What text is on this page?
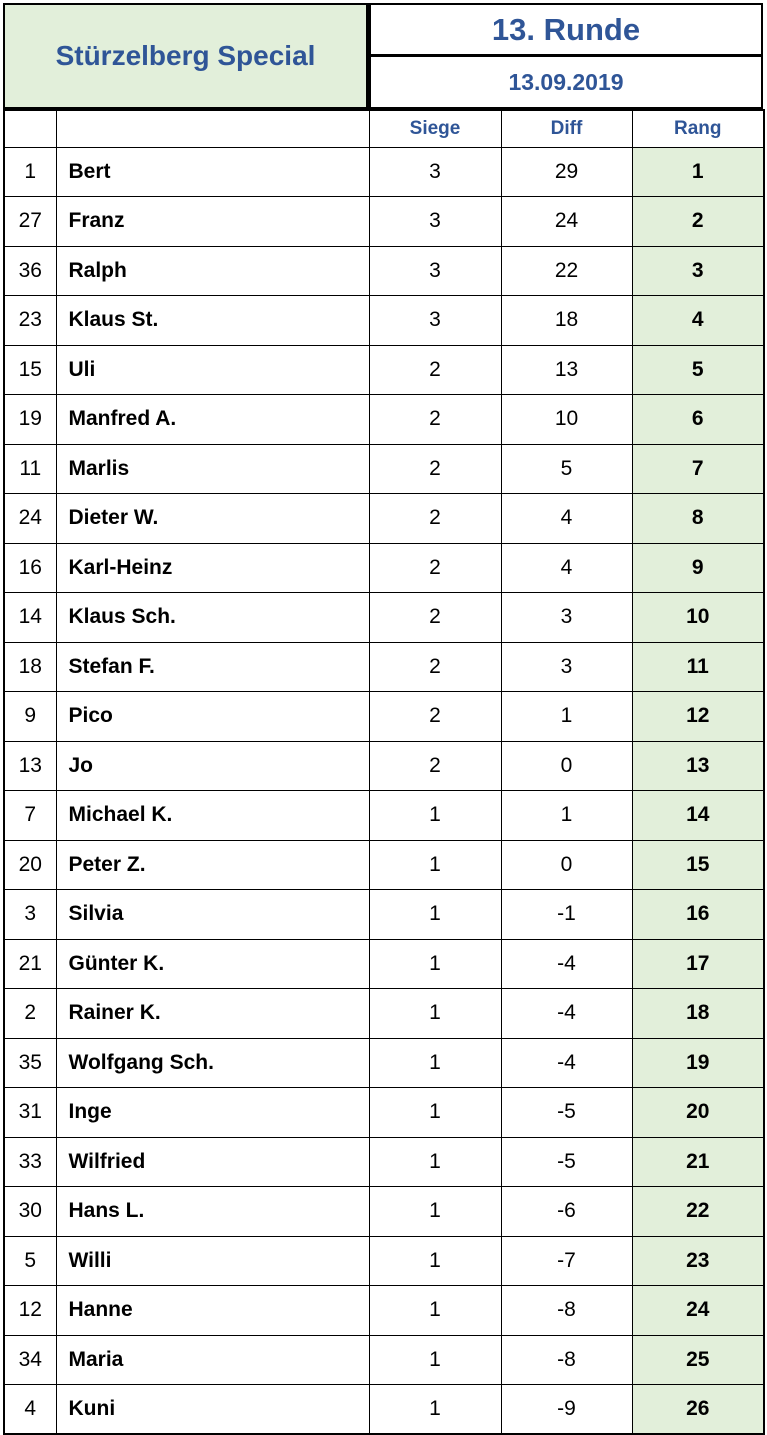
Stürzelberg Special
13. Runde
13.09.2019
		Siege	Diff	Rang
1	Bert	3	29	1
27	Franz	3	24	2
36	Ralph	3	22	3
23	Klaus St.	3	18	4
15	Uli	2	13	5
19	Manfred A.	2	10	6
11	Marlis	2	5	7
24	Dieter W.	2	4	8
16	Karl-Heinz	2	4	9
14	Klaus Sch.	2	3	10
18	Stefan F.	2	3	11
9	Pico	2	1	12
13	Jo	2	0	13
7	Michael K.	1	1	14
20	Peter Z.	1	0	15
3	Silvia	1	-1	16
21	Günter K.	1	-4	17
2	Rainer K.	1	-4	18
35	Wolfgang Sch.	1	-4	19
31	Inge	1	-5	20
33	Wilfried	1	-5	21
30	Hans L.	1	-6	22
5	Willi	1	-7	23
12	Hanne	1	-8	24
34	Maria	1	-8	25
4	Kuni	1	-9	26
